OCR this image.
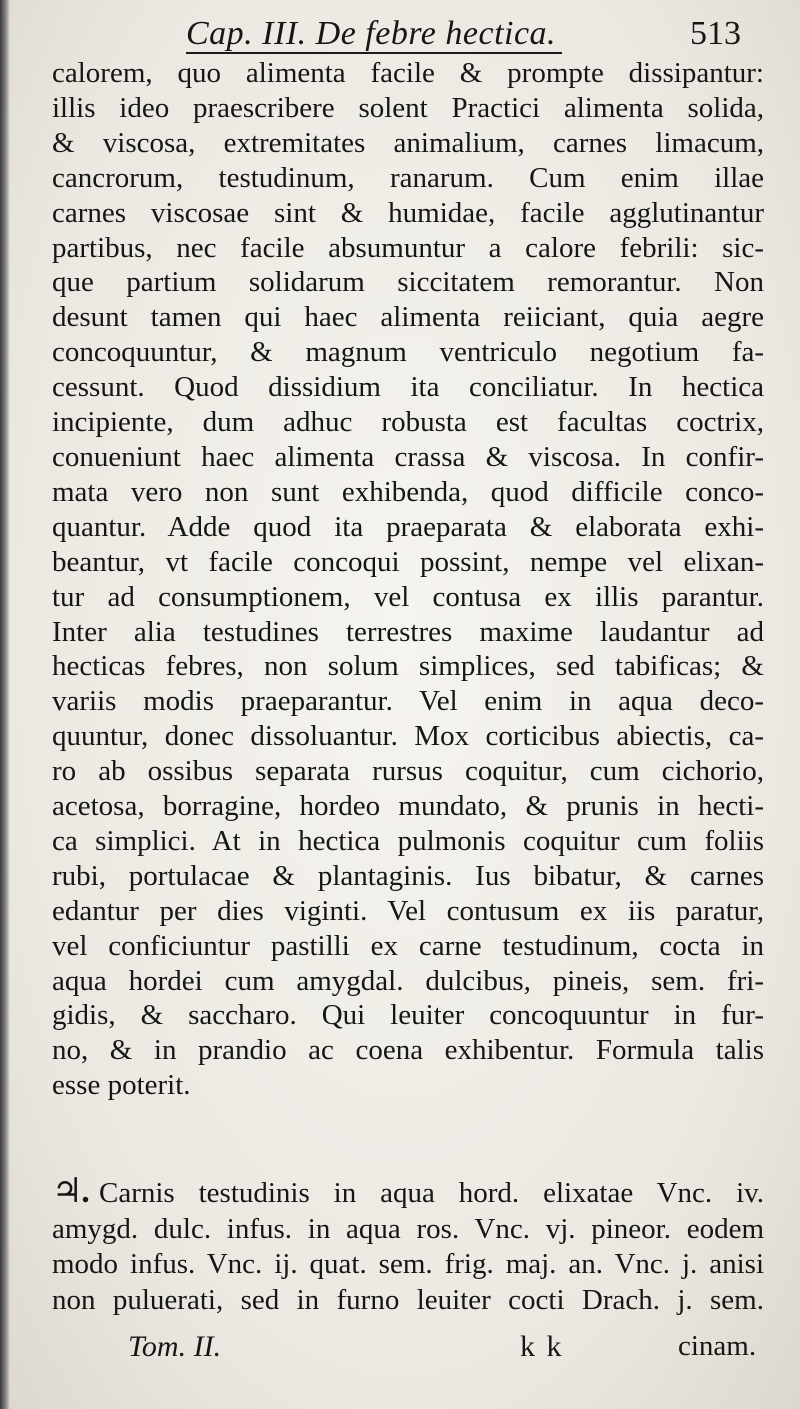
Cap. III. De febre hectica.	513
calorem, quo alimenta facile & prompte dissipantur:
illis ideo praescribere solent Practici alimenta solida,
& viscosa, extremitates animalium, carnes limacum,
cancrorum, testudinum, ranarum. Cum enim illae
carnes viscosae sint & humidae, facile agglutinantur
partibus, nec facile absumuntur a calore febrili: sic-
que partium solidarum siccitatem remorantur. Non
desunt tamen qui haec alimenta reiiciant, quia aegre
concoquuntur, & magnum ventriculo negotium fa-
cessunt. Quod dissidium ita conciliatur. In hectica
incipiente, dum adhuc robusta est facultas coctrix,
conueniunt haec alimenta crassa & viscosa. In confir-
mata vero non sunt exhibenda, quod difficile conco-
quantur. Adde quod ita praeparata & elaborata exhi-
beantur, vt facile concoqui possint, nempe vel elixan-
tur ad consumptionem, vel contusa ex illis parantur.
Inter alia testudines terrestres maxime laudantur ad
hecticas febres, non solum simplices, sed tabificas; &
variis modis praeparantur. Vel enim in aqua deco-
quuntur, donec dissoluantur. Mox corticibus abiectis, ca-
ro ab ossibus separata rursus coquitur, cum cichorio,
acetosa, borragine, hordeo mundato, & prunis in hecti-
ca simplici. At in hectica pulmonis coquitur cum foliis
rubi, portulacae & plantaginis. Ius bibatur, & carnes
edantur per dies viginti. Vel contusum ex iis paratur,
vel conficiuntur pastilli ex carne testudinum, cocta in
aqua hordei cum amygdal. dulcibus, pineis, sem. fri-
gidis, & saccharo. Qui leuiter concoquuntur in fur-
no, & in prandio ac coena exhibentur. Formula talis
esse poterit.
♃. Carnis testudinis in aqua hord. elixatae Vnc. iv.
amygd. dulc. infus. in aqua ros. Vnc. vj. pineor. eodem
modo infus. Vnc. ij. quat. sem. frig. maj. an. Vnc. j. anisi
non puluerati, sed in furno leuiter cocti Drach. j. sem.
Tom. II.	k k	cinam.
